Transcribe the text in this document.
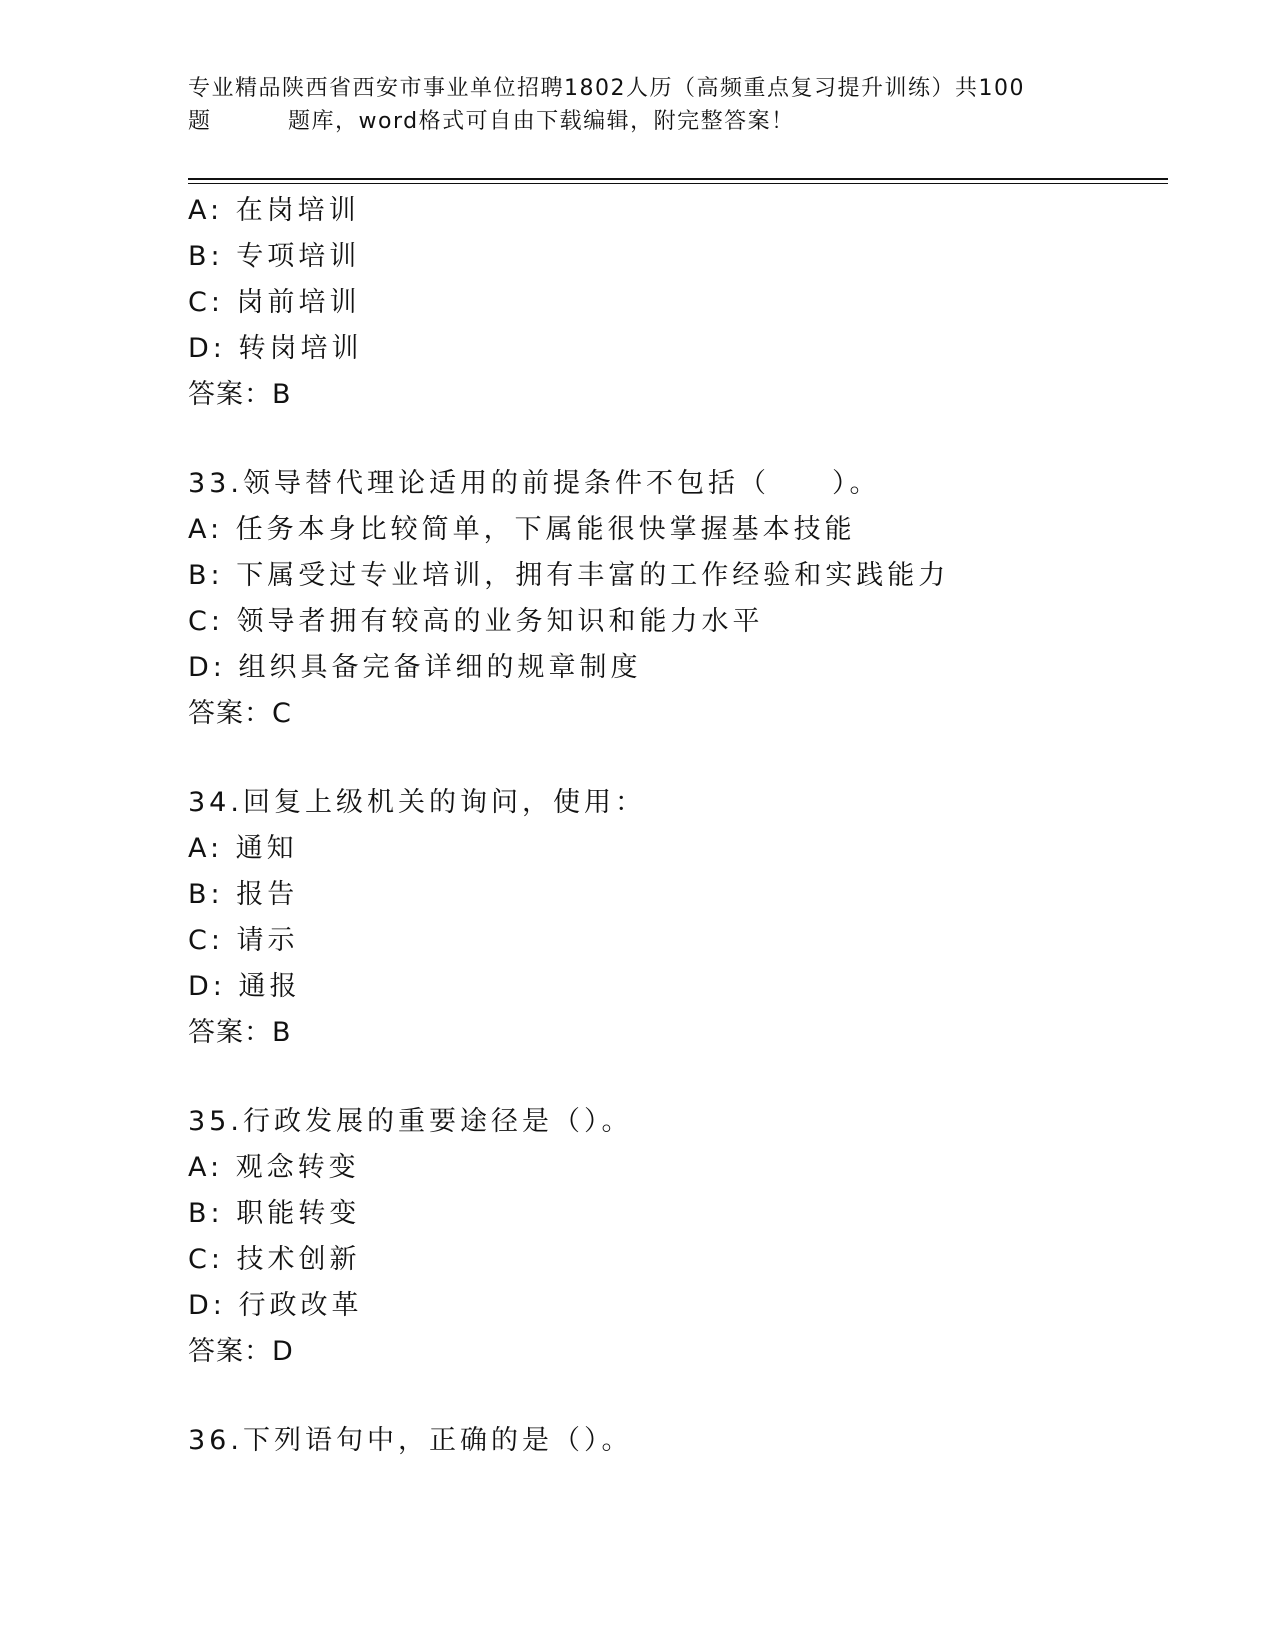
专业精品陕西省西安市事业单位招聘1802人历（高频重点复习提升训练）共100
题	题库，word格式可自由下载编辑，附完整答案！
A: 在岗培训
B: 专项培训
C: 岗前培训
D: 转岗培训
答案：B
33.领导替代理论适用的前提条件不包括（　　）。
A: 任务本身比较简单，下属能很快掌握基本技能
B: 下属受过专业培训，拥有丰富的工作经验和实践能力
C: 领导者拥有较高的业务知识和能力水平
D: 组织具备完备详细的规章制度
答案：C
34.回复上级机关的询问，使用：
A: 通知
B: 报告
C: 请示
D: 通报
答案：B
35.行政发展的重要途径是（）。
A: 观念转变
B: 职能转变
C: 技术创新
D: 行政改革
答案：D
36.下列语句中，正确的是（）。
